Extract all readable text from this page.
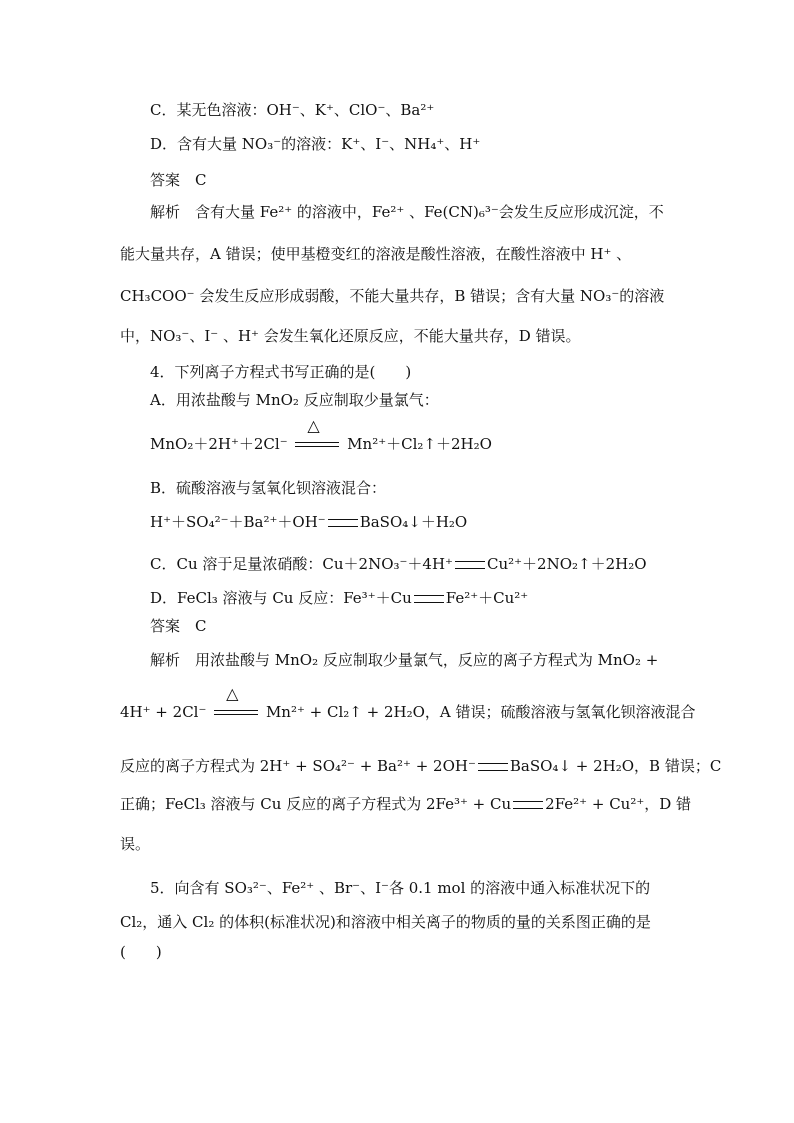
C．某无色溶液：OH⁻、K⁺、ClO⁻、Ba²⁺
D．含有大量 NO₃⁻的溶液：K⁺、I⁻、NH₄⁺、H⁺
答案　C
解析　含有大量 Fe²⁺ 的溶液中，Fe²⁺ 、Fe(CN)₆³⁻会发生反应形成沉淀，不
能大量共存，A 错误；使甲基橙变红的溶液是酸性溶液，在酸性溶液中 H⁺ 、
CH₃COO⁻ 会发生反应形成弱酸，不能大量共存，B 错误；含有大量 NO₃⁻的溶液
中，NO₃⁻、I⁻ 、H⁺ 会发生氧化还原反应，不能大量共存，D 错误。
4．下列离子方程式书写正确的是(　　)
A．用浓盐酸与 MnO₂ 反应制取少量氯气：
MnO₂＋2H⁺＋2Cl⁻
△
Mn²⁺＋Cl₂↑＋2H₂O
B．硫酸溶液与氢氧化钡溶液混合：
H⁺＋SO₄²⁻＋Ba²⁺＋OH⁻ BaSO₄↓＋H₂O
C．Cu 溶于足量浓硝酸：Cu＋2NO₃⁻＋4H⁺ Cu²⁺＋2NO₂↑＋2H₂O
D．FeCl₃ 溶液与 Cu 反应：Fe³⁺＋Cu Fe²⁺＋Cu²⁺
答案　C
解析　用浓盐酸与 MnO₂ 反应制取少量氯气，反应的离子方程式为 MnO₂ +
4H⁺ + 2Cl⁻
△
Mn²⁺ + Cl₂↑ + 2H₂O，A 错误；硫酸溶液与氢氧化钡溶液混合
反应的离子方程式为 2H⁺ + SO₄²⁻ + Ba²⁺ + 2OH⁻ BaSO₄↓ + 2H₂O，B 错误；C
正确；FeCl₃ 溶液与 Cu 反应的离子方程式为 2Fe³⁺ + Cu 2Fe²⁺ + Cu²⁺，D 错
误。
5．向含有 SO₃²⁻、Fe²⁺ 、Br⁻、I⁻各 0.1 mol 的溶液中通入标准状况下的
Cl₂，通入 Cl₂ 的体积(标准状况)和溶液中相关离子的物质的量的关系图正确的是
(　　)
